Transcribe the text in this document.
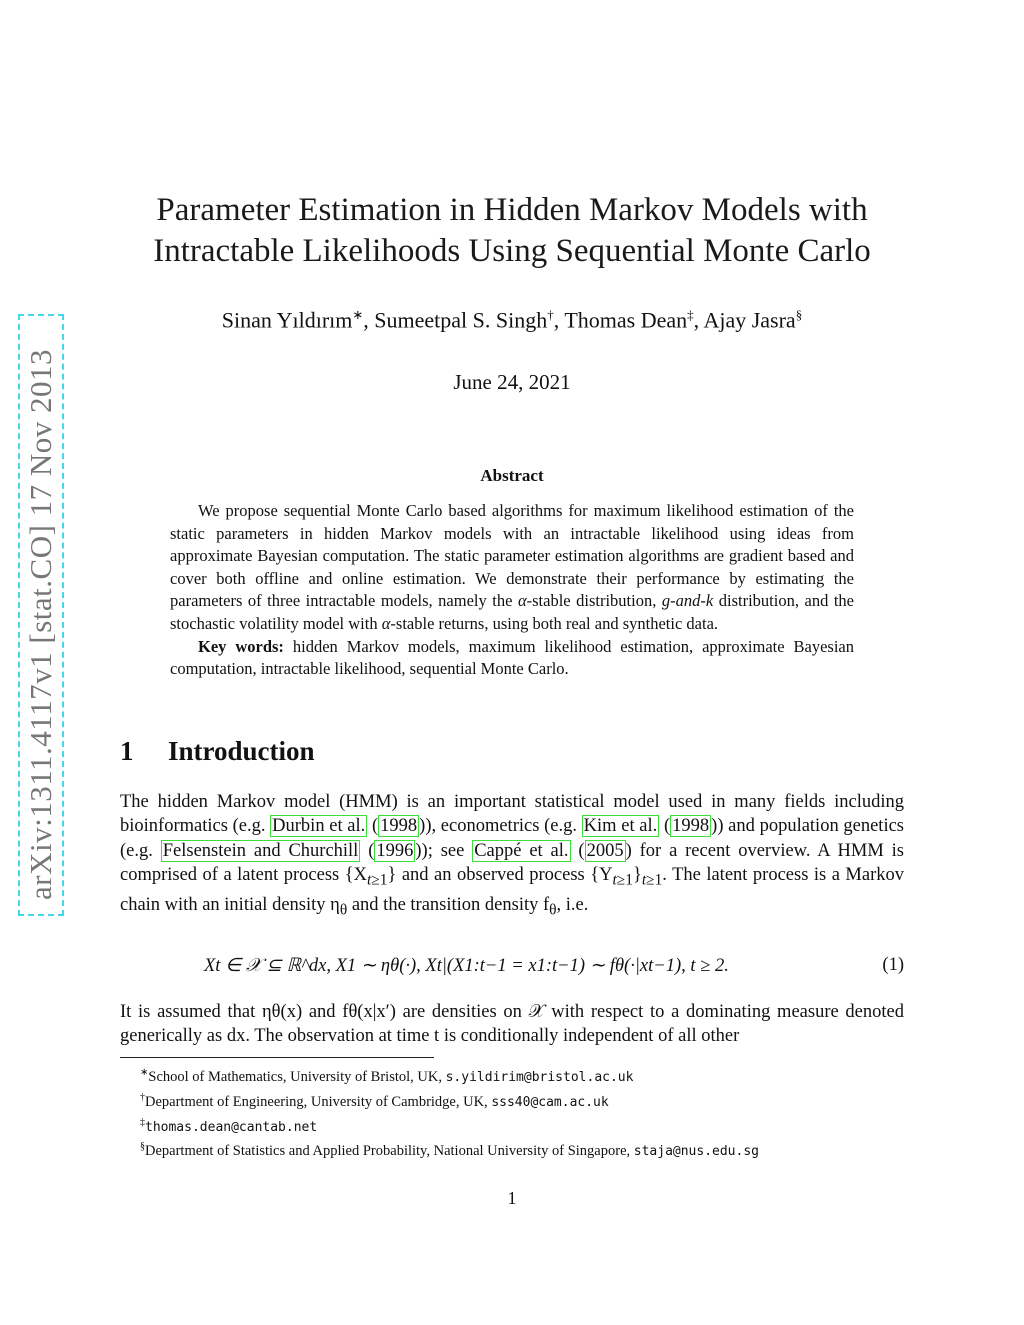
arXiv:1311.4117v1 [stat.CO] 17 Nov 2013
Parameter Estimation in Hidden Markov Models with
Intractable Likelihoods Using Sequential Monte Carlo
Sinan Yıldırım∗, Sumeetpal S. Singh†, Thomas Dean‡, Ajay Jasra§
June 24, 2021
Abstract

We propose sequential Monte Carlo based algorithms for maximum likelihood estimation of the static parameters in hidden Markov models with an intractable likelihood using ideas from approximate Bayesian computation. The static parameter estimation algorithms are gradient based and cover both offline and online estimation. We demonstrate their performance by estimating the parameters of three intractable models, namely the α-stable distribution, g-and-k distribution, and the stochastic volatility model with α-stable returns, using both real and synthetic data.

Key words: hidden Markov models, maximum likelihood estimation, approximate Bayesian computation, intractable likelihood, sequential Monte Carlo.

1 Introduction

The hidden Markov model (HMM) is an important statistical model used in many fields including bioinformatics (e.g. Durbin et al. ( 1998 )), econometrics (e.g. Kim et al. ( 1998 )) and population genetics (e.g. Felsenstein and Churchill ( 1996 )); see Cappé et al. ( 2005 ) for a recent overview. A HMM is comprised of a latent process $\{X_{t\ge 1}\}$ and an observed process $\{Y_{t\ge 1}\}_{t\ge 1}$. The latent process is a Markov chain with an initial density $\eta_\theta$ and the transition density $f_\theta$, i.e.

Xt ∈ 𝒳 ⊆ ℝ^dx, X1 ∼ ηθ(·), Xt|(X1:t−1 = x1:t−1) ∼ fθ(·|xt−1), t ≥ 2.	(1)
It is assumed that ηθ(x) and fθ(x|x′) are densities on 𝒳 with respect to a dominating measure denoted generically as dx. The observation at time t is conditionally independent of all other
∗School of Mathematics, University of Bristol, UK, s.yildirim@bristol.ac.uk
†Department of Engineering, University of Cambridge, UK, sss40@cam.ac.uk
‡thomas.dean@cantab.net
§Department of Statistics and Applied Probability, National University of Singapore, staja@nus.edu.sg
1
